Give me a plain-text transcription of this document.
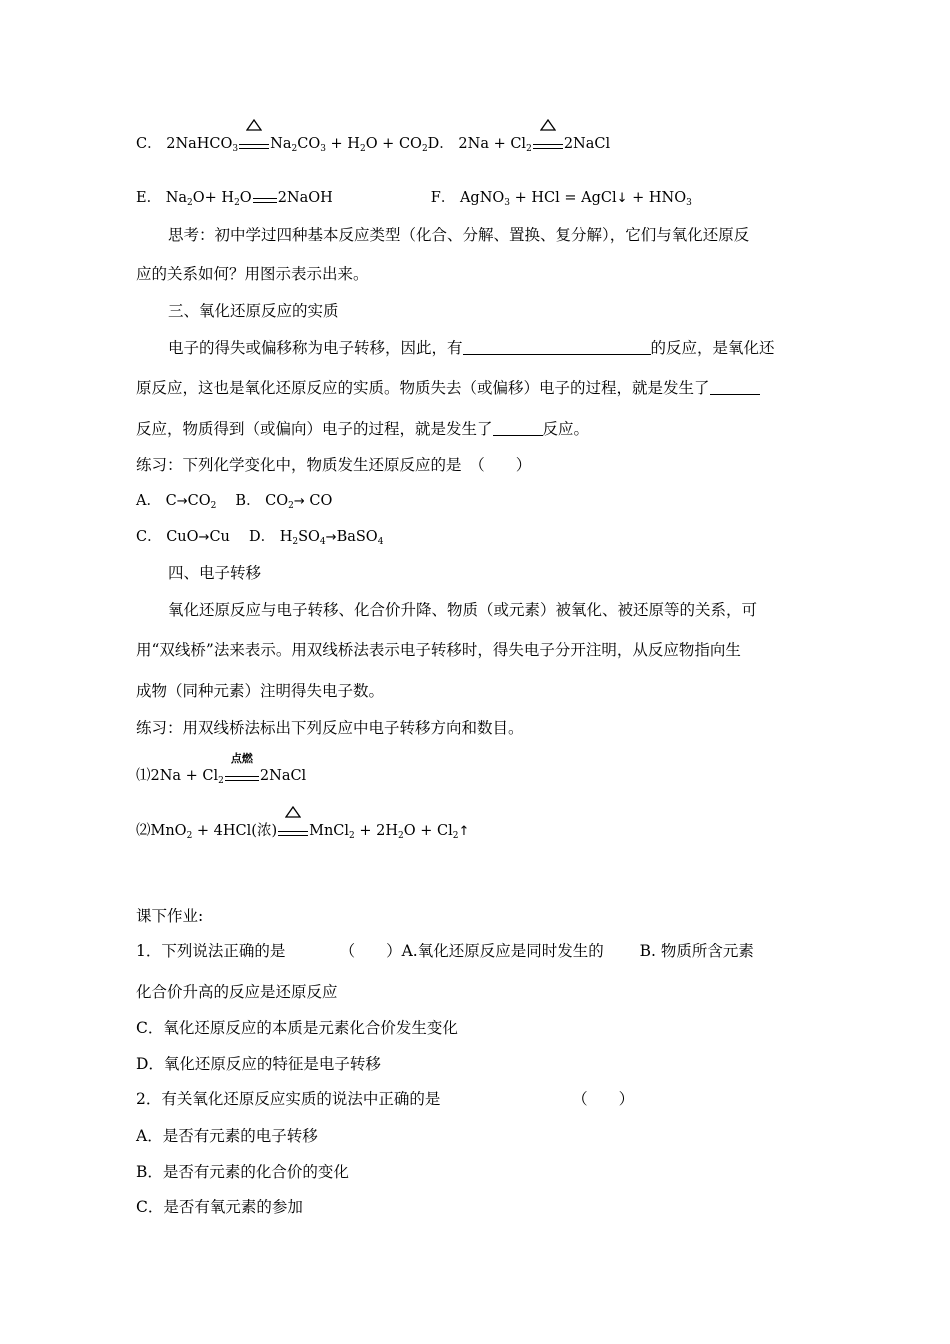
C． 2NaHCO$_3$ $Na_2CO_3 + H_2O + CO_2D$． $2Na + Cl_2$ 2NaCl
E． $Na_2O+ H_2O$ 2NaOH	F． AgNO$_3$ + HCl = AgCl↓ + $HNO_3$
思考：初中学过四种基本反应类型（化合、分解、置换、复分解），它们与氧化还原反
应的关系如何？用图示表示出来。
三、氧化还原反应的实质
电子的得失或偏移称为电子转移，因此，有	的反应，是氧化还
原反应，这也是氧化还原反应的实质。物质失去（或偏移）电子的过程，就是发生了
反应，物质得到（或偏向）电子的过程，就是发生了	反应。
练习：下列化学变化中，物质发生还原反应的是　（　　）
A． $C\to CO_2$　 B． $CO_2\to$ CO
C． CuO→Cu　 D． $H_2SO_4\to BaSO_4$
四、电子转移
氧化还原反应与电子转移、化合价升降、物质（或元素）被氧化、被还原等的关系，可
用“双线桥”法来表示。用双线桥法表示电子转移时，得失电子分开注明，从反应物指向生
成物（同种元素）注明得失电子数。
练习：用双线桥法标出下列反应中电子转移方向和数目。
⑴2Na + $Cl_2$
点燃
2NaCl
⑵MnO$_2$ + 4HCl(浓) MnCl$_2$ + $2H_2O$ + $Cl_2↑$
课下作业:
1．下列说法正确的是　　　　（　　）A.氧化还原反应是同时发生的　　 B. 物质所含元素
化合价升高的反应是还原反应
C．氧化还原反应的本质是元素化合价发生变化
D．氧化还原反应的特征是电子转移
2．有关氧化还原反应实质的说法中正确的是　　　　　　　　　（　　）
A．是否有元素的电子转移
B．是否有元素的化合价的变化
C．是否有氧元素的参加
